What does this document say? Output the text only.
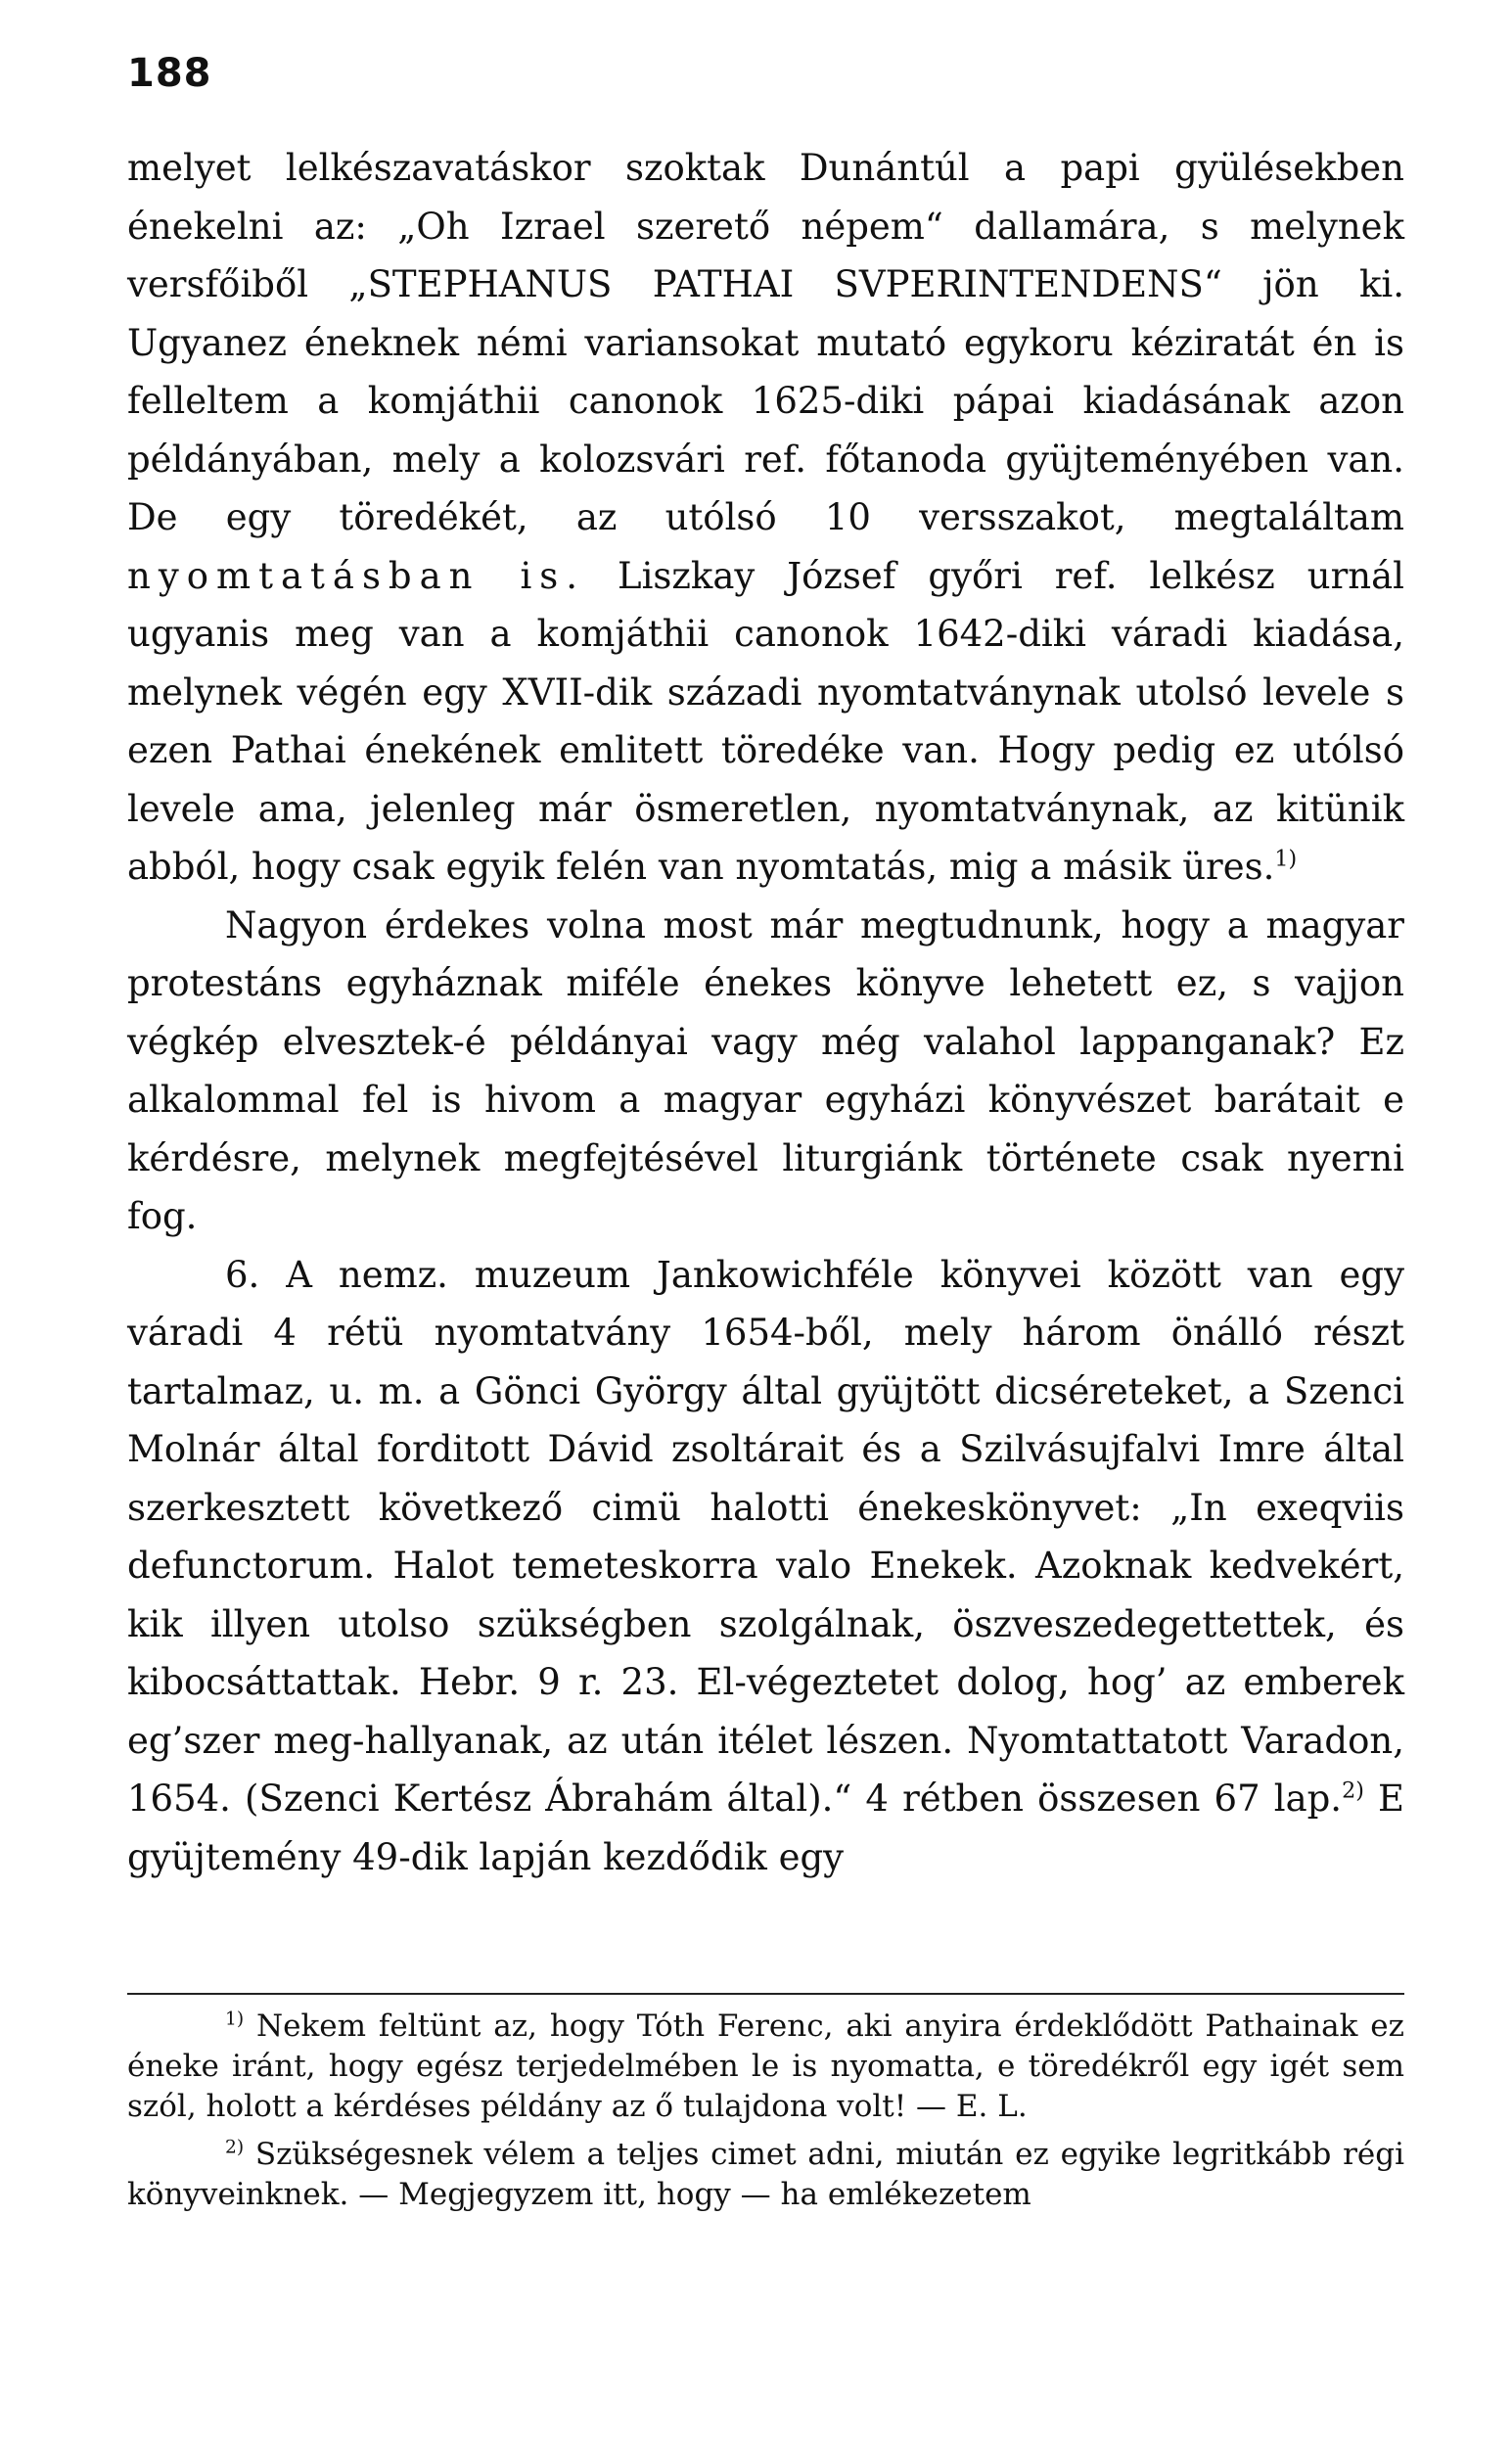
188

melyet lelkészavatáskor szoktak Dunántúl a papi gyülésekben énekelni az: „Oh Izrael szerető népem“ dallamára, s melynek versfőiből „STEPHANUS PATHAI SVPERINTENDENS“ jön ki. Ugyanez éneknek némi variansokat mutató egykoru kéziratát én is felleltem a komjáthii canonok 1625-diki pápai kiadásának azon példányában, mely a kolozsvári ref. főtanoda gyüjteményében van. De egy töredékét, az utólsó 10 versszakot, megtaláltam nyomtatásban is. Liszkay József győri ref. lelkész urnál ugyanis meg van a komjáthii canonok 1642-diki váradi kiadása, melynek végén egy XVII-dik századi nyomtatványnak utolsó levele s ezen Pathai énekének emlitett töredéke van. Hogy pedig ez utólsó levele ama, jelenleg már ösmeretlen, nyomtatványnak, az kitünik abból, hogy csak egyik felén van nyomtatás, mig a másik üres.$^{1)}$

Nagyon érdekes volna most már megtudnunk, hogy a magyar protestáns egyháznak miféle énekes könyve lehetett ez, s vajjon végkép elvesztek-é példányai vagy még valahol lappanganak? Ez alkalommal fel is hivom a magyar egyházi könyvészet barátait e kérdésre, melynek megfejtésével liturgiánk története csak nyerni fog.

6. A nemz. muzeum Jankowichféle könyvei között van egy váradi 4 rétü nyomtatvány 1654-ből, mely három önálló részt tartalmaz, u. m. a Gönci György által gyüjtött dicséreteket, a Szenci Molnár által forditott Dávid zsoltárait és a Szilvásujfalvi Imre által szerkesztett következő cimü halotti énekeskönyvet: „In exeqviis defunctorum. Halot temeteskorra valo Enekek. Azoknak kedvekért, kik illyen utolso szükségben szolgálnak, öszveszedegettettek, és kibocsáttattak. Hebr. 9 r. 23. El-végeztetet dolog, hog’ az emberek eg’szer meg-hallyanak, az után itélet lészen. Nyomtattatott Varadon, 1654. (Szenci Kertész Ábrahám által).“ 4 rétben összesen 67 lap.$^{2)}$ E gyüjtemény 49-dik lapján kezdődik egy

$^{1)}$ Nekem feltünt az, hogy Tóth Ferenc, aki anyira érdeklődött Pathainak ez éneke iránt, hogy egész terjedelmében le is nyomatta, e töredékről egy igét sem szól, holott a kérdéses példány az ő tulajdona volt! — E. L.

$^{2)}$ Szükségesnek vélem a teljes cimet adni, miután ez egyike legritkább régi könyveinknek. — Megjegyzem itt, hogy — ha emlékezetem
